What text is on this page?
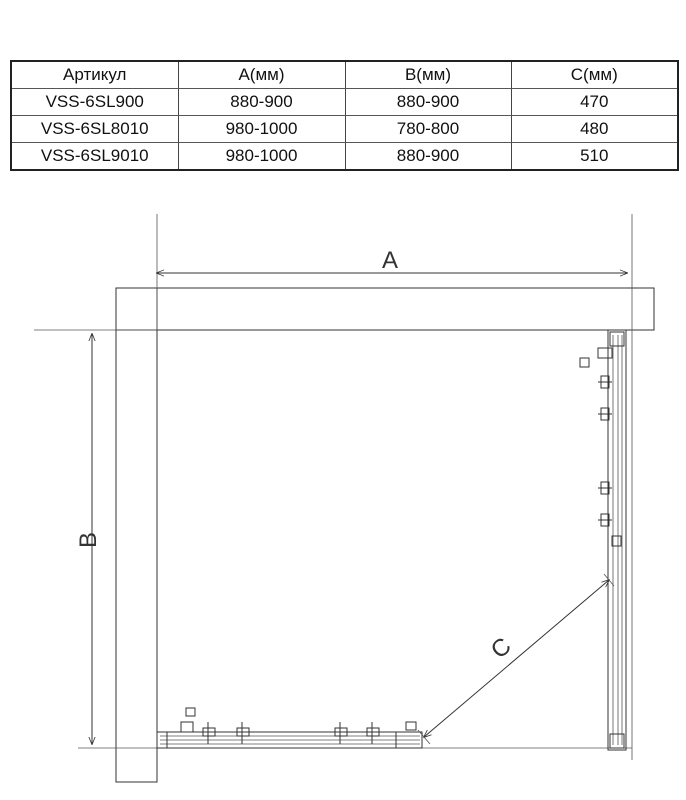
Артикул	A(мм)	B(мм)	C(мм)
VSS-6SL900	880-900	880-900	470
VSS-6SL8010	980-1000	780-800	480
VSS-6SL9010	980-1000	880-900	510
A
B
C
